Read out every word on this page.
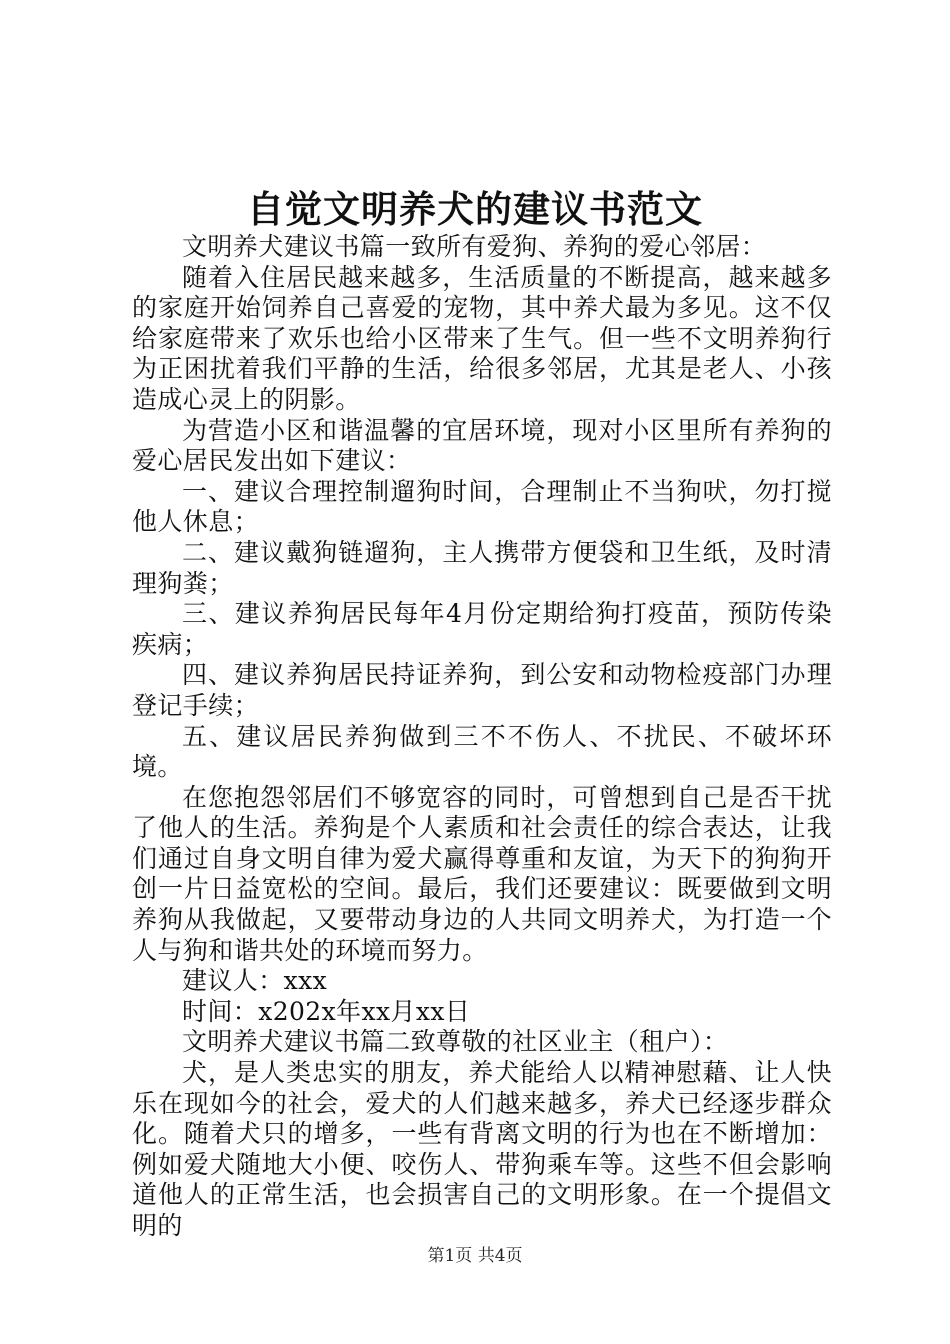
自觉文明养犬的建议书范文

文明养犬建议书篇一致所有爱狗、养狗的爱心邻居：

随着入住居民越来越多，生活质量的不断提高，越来越多的家庭开始饲养自己喜爱的宠物，其中养犬最为多见。这不仅给家庭带来了欢乐也给小区带来了生气。但一些不文明养狗行为正困扰着我们平静的生活，给很多邻居，尤其是老人、小孩造成心灵上的阴影。

为营造小区和谐温馨的宜居环境，现对小区里所有养狗的爱心居民发出如下建议：

一、建议合理控制遛狗时间，合理制止不当狗吠，勿打搅他人休息；

二、建议戴狗链遛狗，主人携带方便袋和卫生纸，及时清理狗粪；

三、建议养狗居民每年4月份定期给狗打疫苗，预防传染疾病；

四、建议养狗居民持证养狗，到公安和动物检疫部门办理登记手续；

五、建议居民养狗做到三不不伤人、不扰民、不破坏环境。

在您抱怨邻居们不够宽容的同时，可曾想到自己是否干扰了他人的生活。养狗是个人素质和社会责任的综合表达，让我们通过自身文明自律为爱犬赢得尊重和友谊，为天下的狗狗开创一片日益宽松的空间。最后，我们还要建议：既要做到文明养狗从我做起，又要带动身边的人共同文明养犬，为打造一个人与狗和谐共处的环境而努力。

建议人：xxx

时间：x202x年xx月xx日

文明养犬建议书篇二致尊敬的社区业主（租户）：

犬，是人类忠实的朋友，养犬能给人以精神慰藉、让人快乐在现如今的社会，爱犬的人们越来越多，养犬已经逐步群众化。随着犬只的增多，一些有背离文明的行为也在不断增加：例如爱犬随地大小便、咬伤人、带狗乘车等。这些不但会影响道他人的正常生活，也会损害自己的文明形象。在一个提倡文明的

第1页 共4页
